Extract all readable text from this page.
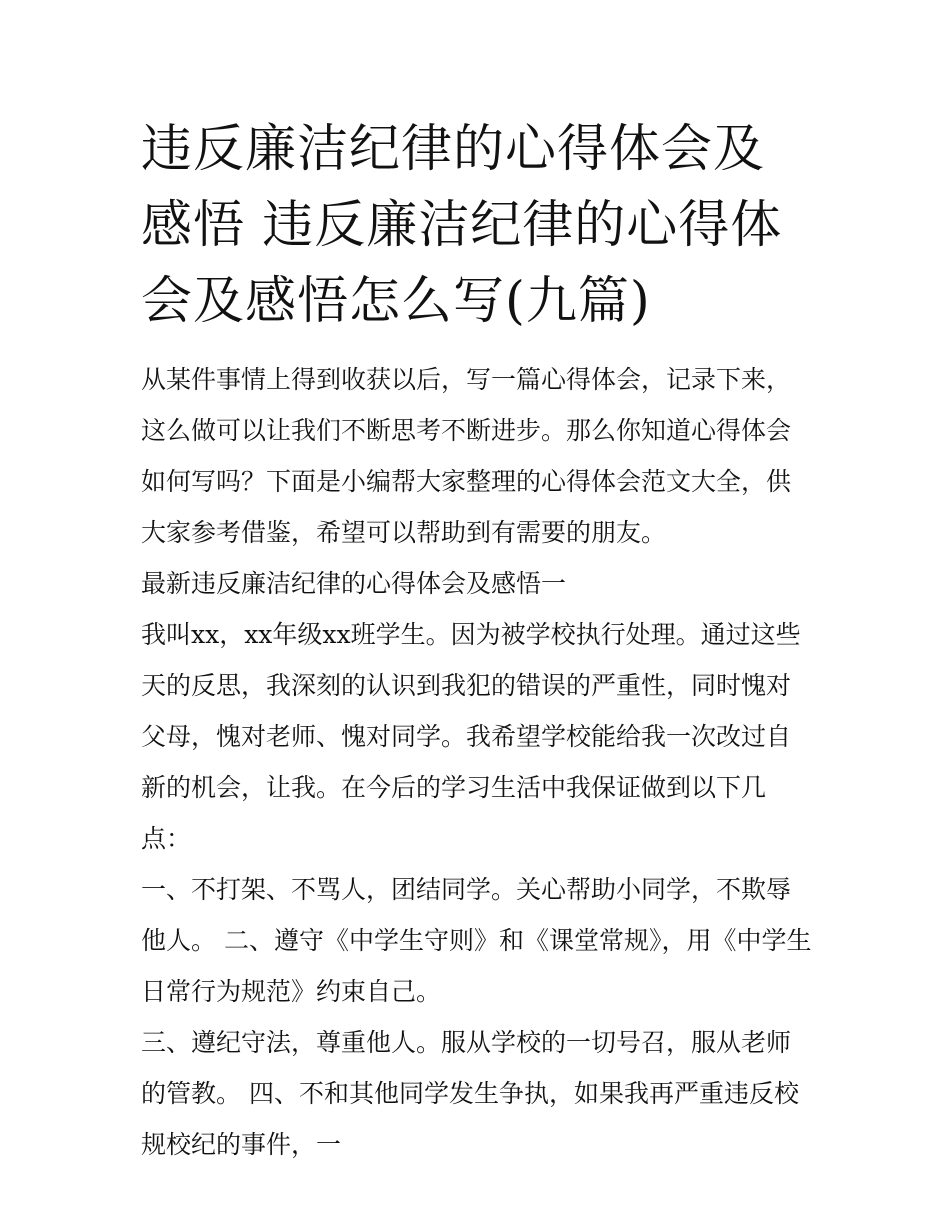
违反廉洁纪律的心得体会及感悟 违反廉洁纪律的心得体会及感悟怎么写(九篇)

从某件事情上得到收获以后，写一篇心得体会，记录下来，这么做可以让我们不断思考不断进步。那么你知道心得体会如何写吗？下面是小编帮大家整理的心得体会范文大全，供大家参考借鉴，希望可以帮助到有需要的朋友。

最新违反廉洁纪律的心得体会及感悟一

我叫xx，xx年级xx班学生。因为被学校执行处理。通过这些天的反思，我深刻的认识到我犯的错误的严重性，同时愧对父母，愧对老师、愧对同学。我希望学校能给我一次改过自新的机会，让我。在今后的学习生活中我保证做到以下几点：

一、不打架、不骂人，团结同学。关心帮助小同学，不欺辱他人。 二、遵守《中学生守则》和《课堂常规》，用《中学生日常行为规范》约束自己。

三、遵纪守法，尊重他人。服从学校的一切号召，服从老师的管教。 四、不和其他同学发生争执，如果我再严重违反校规校纪的事件，一
